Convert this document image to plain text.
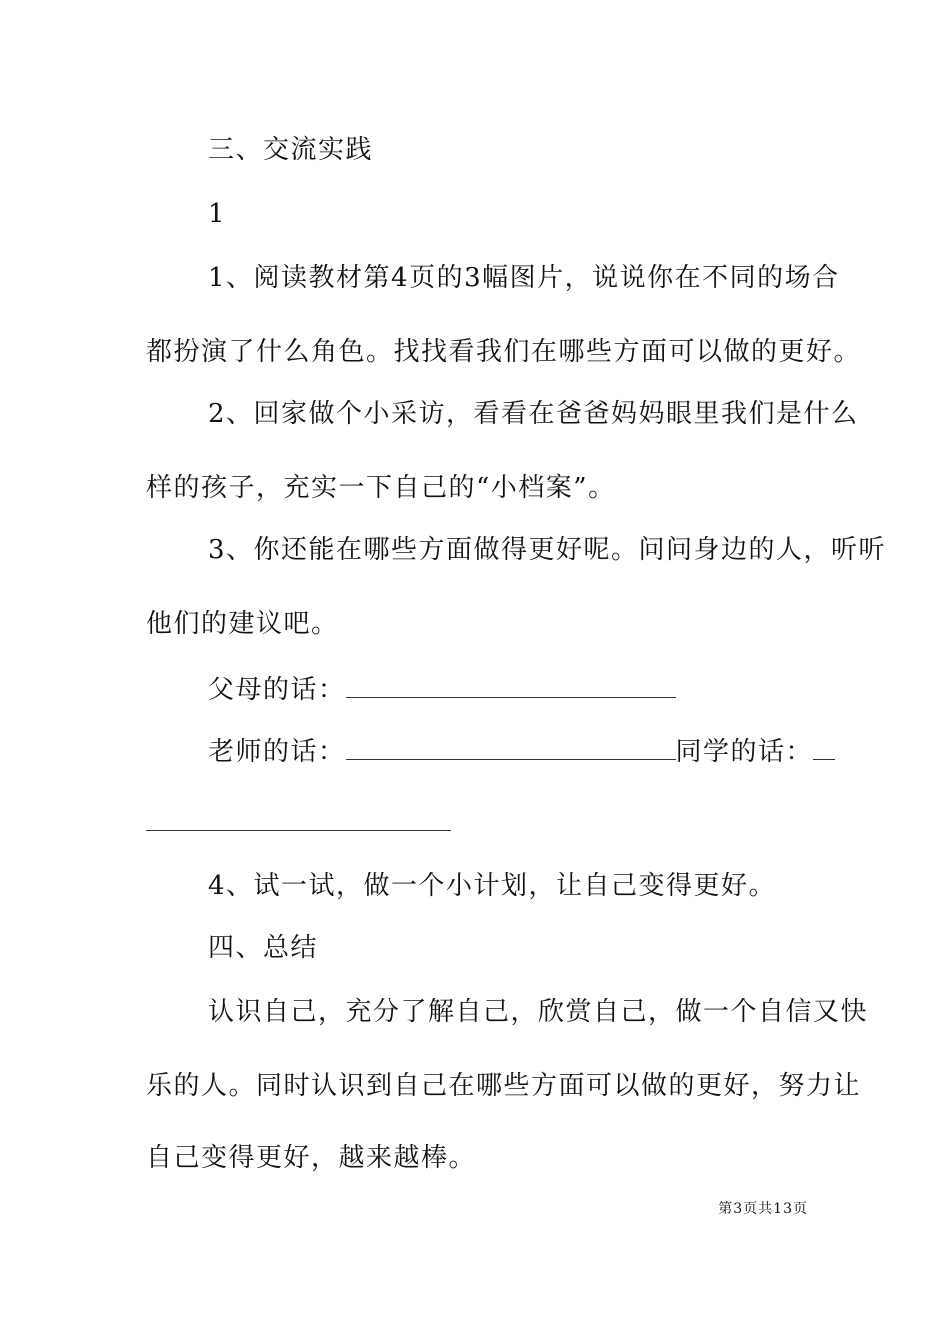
三、交流实践
1
1、阅读教材第4页的3幅图片，说说你在不同的场合
都扮演了什么角色。找找看我们在哪些方面可以做的更好。
2、回家做个小采访，看看在爸爸妈妈眼里我们是什么
样的孩子，充实一下自己的“小档案”。
3、你还能在哪些方面做得更好呢。问问身边的人，听听
他们的建议吧。
父母的话：
老师的话：	同学的话：
4、试一试，做一个小计划，让自己变得更好。
四、总结
认识自己，充分了解自己，欣赏自己，做一个自信又快
乐的人。同时认识到自己在哪些方面可以做的更好，努力让
自己变得更好，越来越棒。
第3页共13页
